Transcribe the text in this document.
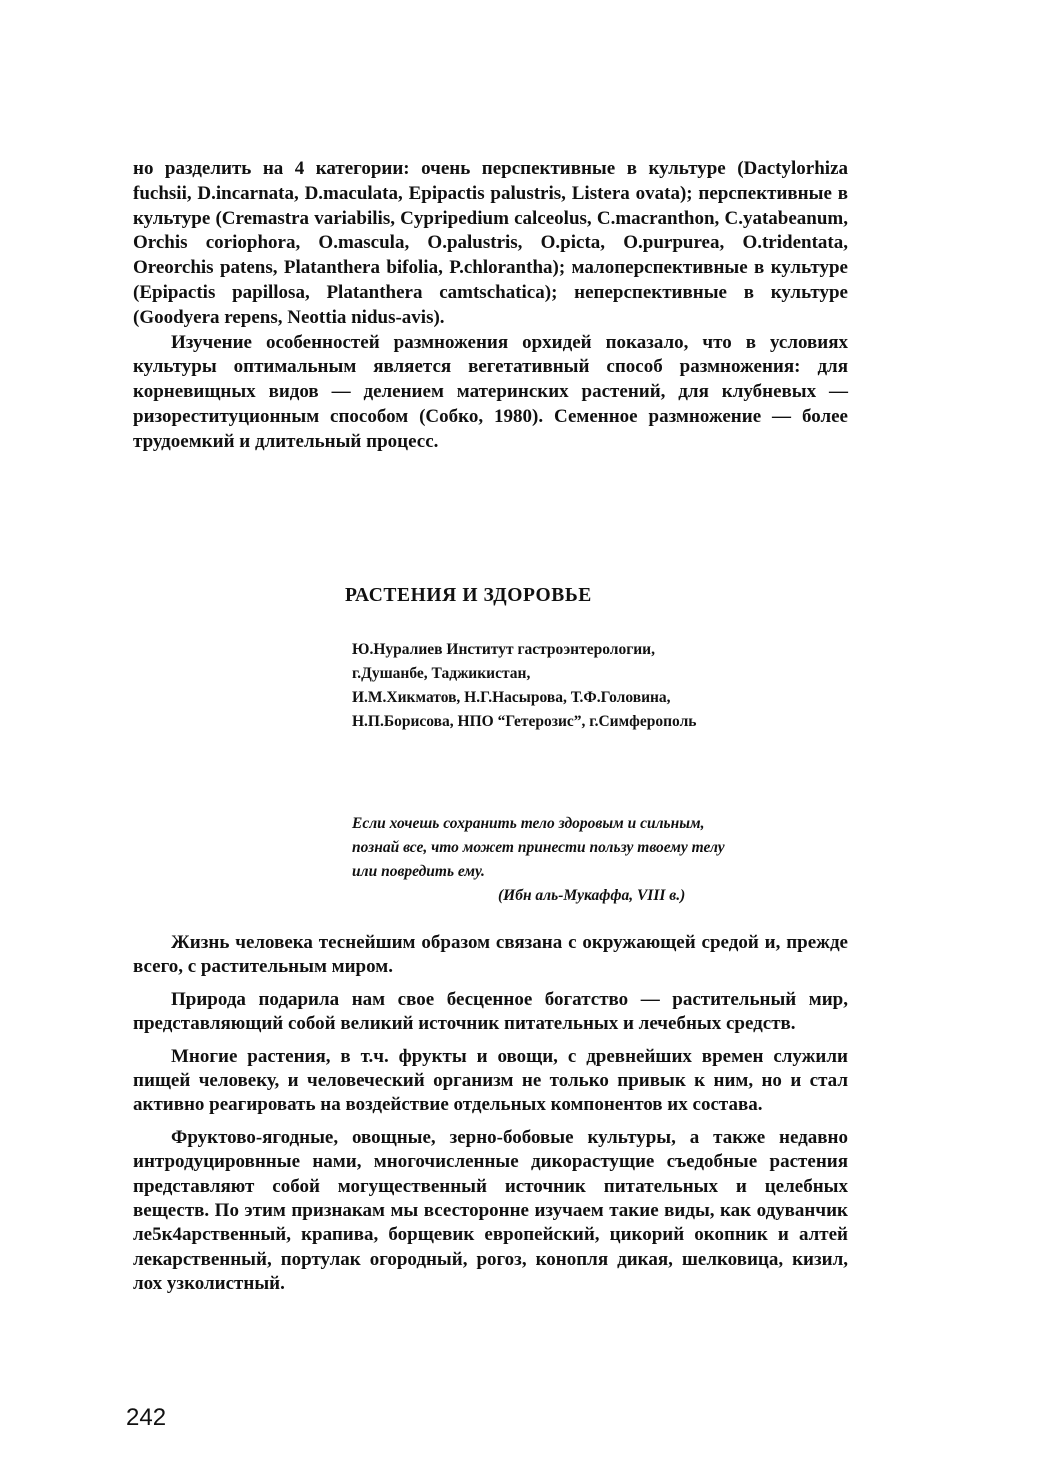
но разделить на 4 категории: очень перспективные в культуре (Dactylorhiza fuchsii, D.incarnata, D.maculata, Epipactis palustris, Listera ovata); перспективные в культуре (Cremastra variabilis, Cypripedium calceolus, C.macranthon, C.yatabeanum, Orchis coriophora, O.mascula, O.palustris, O.picta, O.purpurea, O.tridentata, Oreorchis patens, Platanthera bifolia, P.chlorantha); малоперспективные в культуре (Epipactis papillosa, Platanthera camtschatica); неперспективные в культуре (Goodyera repens, Neottia nidus-avis).

Изучение особенностей размножения орхидей показало, что в условиях культуры оптимальным является вегетативный способ размножения: для корневищных видов — делением материнских растений, для клубневых — ризореституционным способом (Собко, 1980). Семенное размножение — более трудоемкий и длительный процесс.

РАСТЕНИЯ И ЗДОРОВЬЕ
Ю.Нуралиев Институт гастроэнтерологии,
г.Душанбе, Таджикистан,
И.М.Хикматов, Н.Г.Насырова, Т.Ф.Головина,
Н.П.Борисова, НПО “Гетерозис”, г.Симферополь
Если хочешь сохранить тело здоровым и сильным,
познай все, что может принести пользу твоему телу
или повредить ему.
(Ибн аль-Мукаффа, VIII в.)

Жизнь человека теснейшим образом связана с окружающей средой и, прежде всего, с растительным миром.

Природа подарила нам свое бесценное богатство — растительный мир, представляющий собой великий источник питательных и лечебных средств.

Многие растения, в т.ч. фрукты и овощи, с древнейших времен служили пищей человеку, и человеческий организм не только привык к ним, но и стал активно реагировать на воздействие отдельных компонентов их состава.

Фруктово-ягодные, овощные, зерно-бобовые культуры, а также недавно интродуцировнные нами, многочисленные дикорастущие съедобные растения представляют собой могущественный источник питательных и целебных веществ. По этим признакам мы всесторонне изучаем такие виды, как одуванчик ле5к4арственный, крапива, борщевик европейский, цикорий окопник и алтей лекарственный, портулак огородный, рогоз, конопля дикая, шелковица, кизил, лох узколистный.

242
